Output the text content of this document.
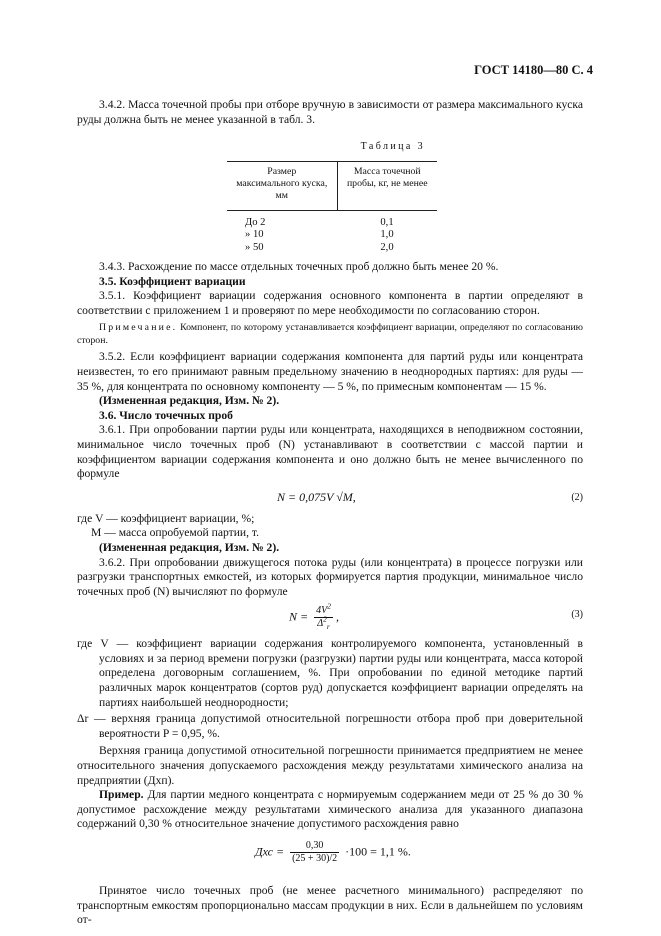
ГОСТ 14180—80 С. 4

3.4.2. Масса точечной пробы при отборе вручную в зависимости от размера максимального куска руды должна быть не менее указанной в табл. 3.

Таблица 3
Размер максимального куска, мм	Масса точечной пробы, кг, не менее
До 2	0,1
» 10	1,0
» 50	2,0

3.4.3. Расхождение по массе отдельных точечных проб должно быть менее 20 %.

3.5. Коэффициент вариации

3.5.1. Коэффициент вариации содержания основного компонента в партии определяют в соответствии с приложением 1 и проверяют по мере необходимости по согласованию сторон.

Примечание. Компонент, по которому устанавливается коэффициент вариации, определяют по согласованию сторон.

3.5.2. Если коэффициент вариации содержания компонента для партий руды или концентрата неизвестен, то его принимают равным предельному значению в неоднородных партиях: для руды — 35 %, для концентрата по основному компоненту — 5 %, по примесным компонентам — 15 %.

(Измененная редакция, Изм. № 2).

3.6. Число точечных проб

3.6.1. При опробовании партии руды или концентрата, находящихся в неподвижном состоянии, минимальное число точечных проб (N) устанавливают в соответствии с массой партии и коэффициентом вариации содержания компонента и оно должно быть не менее вычисленного по формуле

N = 0,075V √M,	(2)

где V — коэффициент вариации, %;

M — масса опробуемой партии, т.

(Измененная редакция, Изм. № 2).

3.6.2. При опробовании движущегося потока руды (или концентрата) в процессе погрузки или разгрузки транспортных емкостей, из которых формируется партия продукции, минимальное число точечных проб (N) вычисляют по формуле

$N = \frac{4V^2}{\Delta^2_r}$ ,	(3)

где V — коэффициент вариации содержания контролируемого компонента, установленный в условиях и за период времени погрузки (разгрузки) партии руды или концентрата, масса которой определена договорным соглашением, %. При опробовании по единой методике партий различных марок концентратов (сортов руд) допускается коэффициент вариации определять на партиях наибольшей неоднородности;

Δr — верхняя граница допустимой относительной погрешности отбора проб при доверительной вероятности P = 0,95, %.

Верхняя граница допустимой относительной погрешности принимается предприятием не менее относительного значения допускаемого расхождения между результатами химического анализа на предприятии (Дхп).

Пример. Для партии медного концентрата с нормируемым содержанием меди от 25 % до 30 % допустимое расхождение между результатами химического анализа для указанного диапазона содержаний 0,30 % относительное значение допустимого расхождения равно

Дхс = $\frac{0,30}{(25 + 30)/2} \cdot 100 = 1,1$ %.

Принятое число точечных проб (не менее расчетного минимального) распределяют по транспортным емкостям пропорционально массам продукции в них. Если в дальнейшем по условиям от-
